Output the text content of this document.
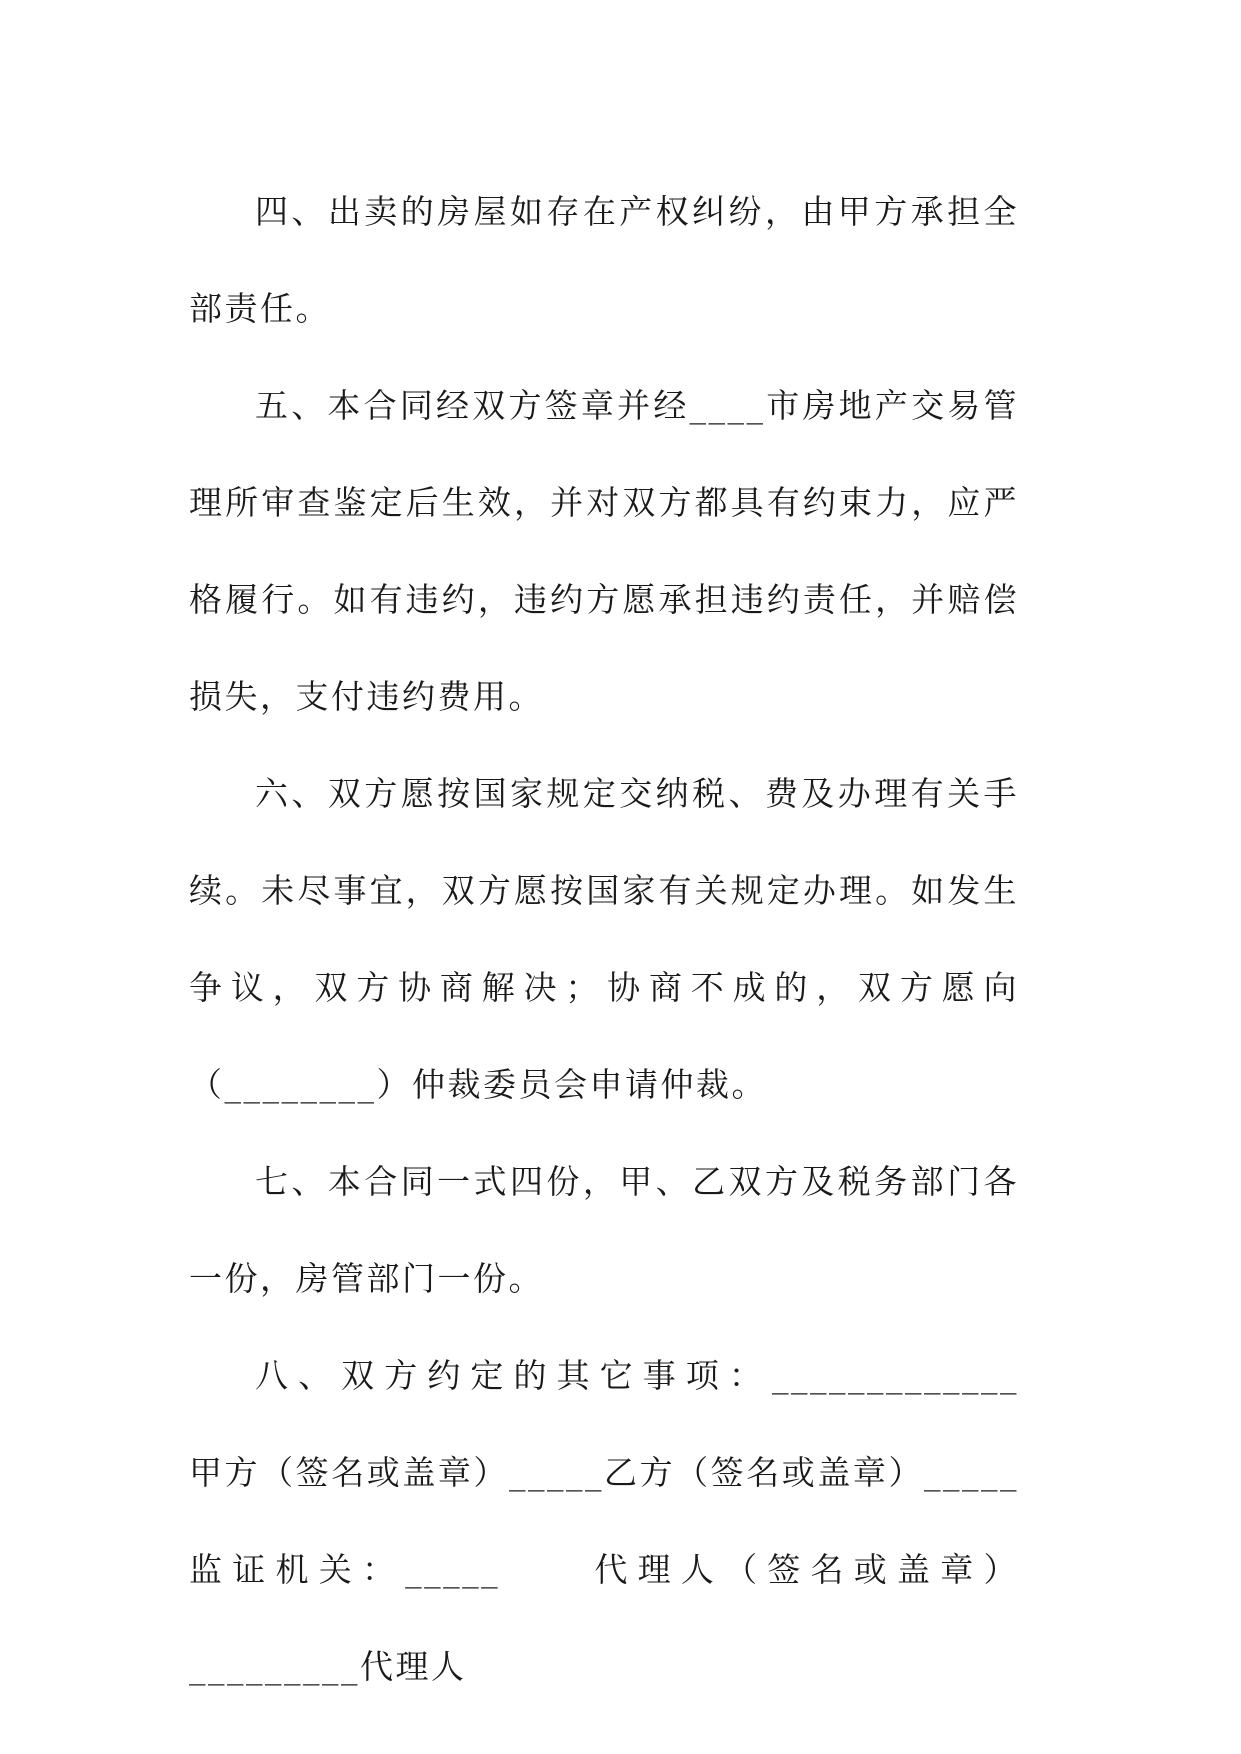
四、出卖的房屋如存在产权纠纷，由甲方承担全部责任。

五、本合同经双方签章并经____市房地产交易管理所审查鉴定后生效，并对双方都具有约束力，应严格履行。如有违约，违约方愿承担违约责任，并赔偿损失，支付违约费用。

六、双方愿按国家规定交纳税、费及办理有关手续。未尽事宜，双方愿按国家有关规定办理。如发生争议，双方协商解决；协商不成的，双方愿向（________）仲裁委员会申请仲裁。

七、本合同一式四份，甲、乙双方及税务部门各一份，房管部门一份。

八、双方约定的其它事项：_____________　　甲方（签名或盖章）_____乙方（签名或盖章）_____监证机关：_____　　代理人（签名或盖章）_________代理人
